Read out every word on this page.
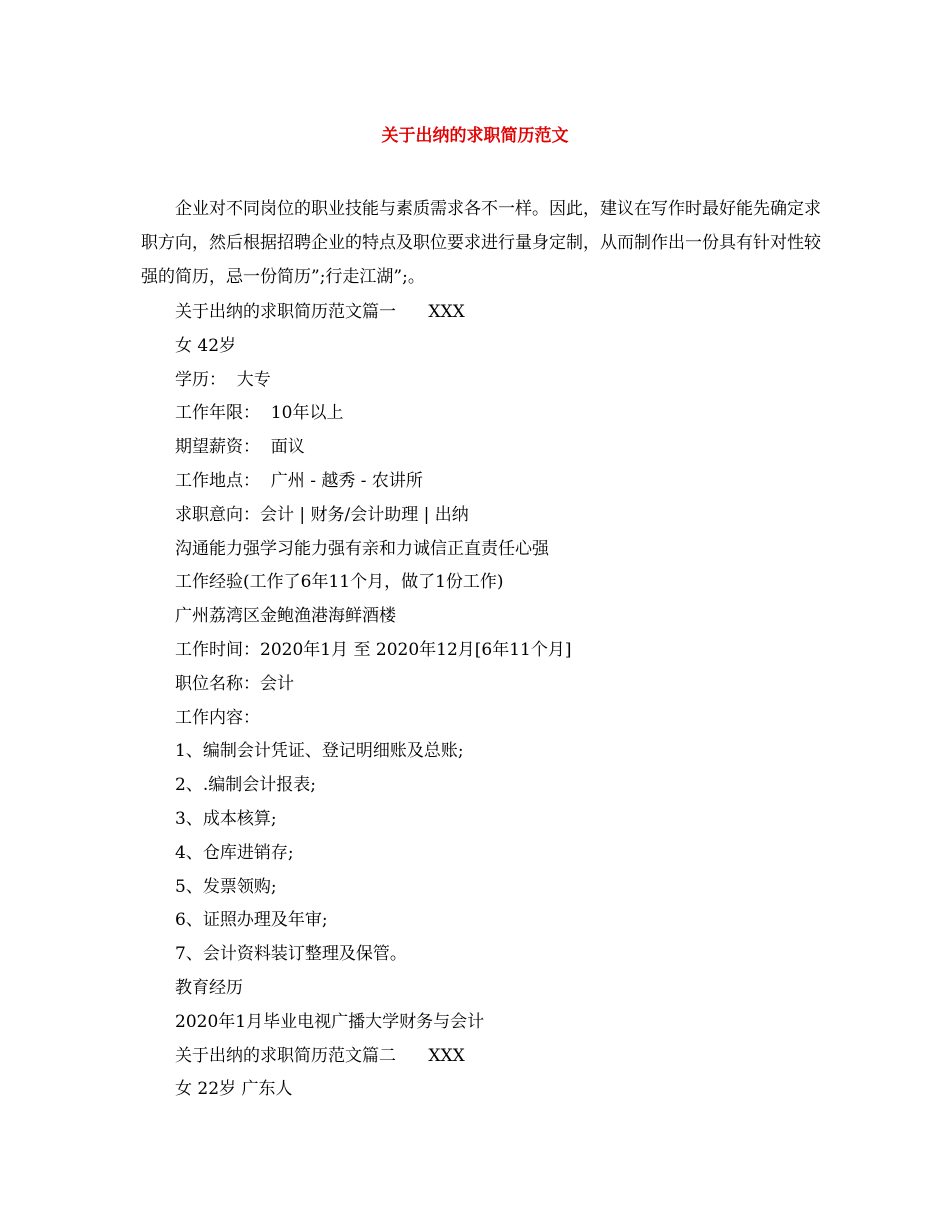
关于出纳的求职简历范文
企业对不同岗位的职业技能与素质需求各不一样。因此，建议在写作时最好能先确定求职方向，然后根据招聘企业的特点及职位要求进行量身定制，从而制作出一份具有针对性较强的简历，忌一份简历”;行走江湖”;。
关于出纳的求职简历范文篇一      XXX
女 42岁
学历：  大专
工作年限：  10年以上
期望薪资：  面议
工作地点：  广州 - 越秀 - 农讲所
求职意向：会计 | 财务/会计助理 | 出纳
沟通能力强学习能力强有亲和力诚信正直责任心强
工作经验(工作了6年11个月，做了1份工作)
广州荔湾区金鲍渔港海鲜酒楼
工作时间：2020年1月 至 2020年12月[6年11个月]
职位名称：会计
工作内容：
1、编制会计凭证、登记明细账及总账;
2、.编制会计报表;
3、成本核算;
4、仓库进销存;
5、发票领购;
6、证照办理及年审;
7、会计资料装订整理及保管。
教育经历
2020年1月毕业电视广播大学财务与会计
关于出纳的求职简历范文篇二      XXX
女 22岁 广东人
